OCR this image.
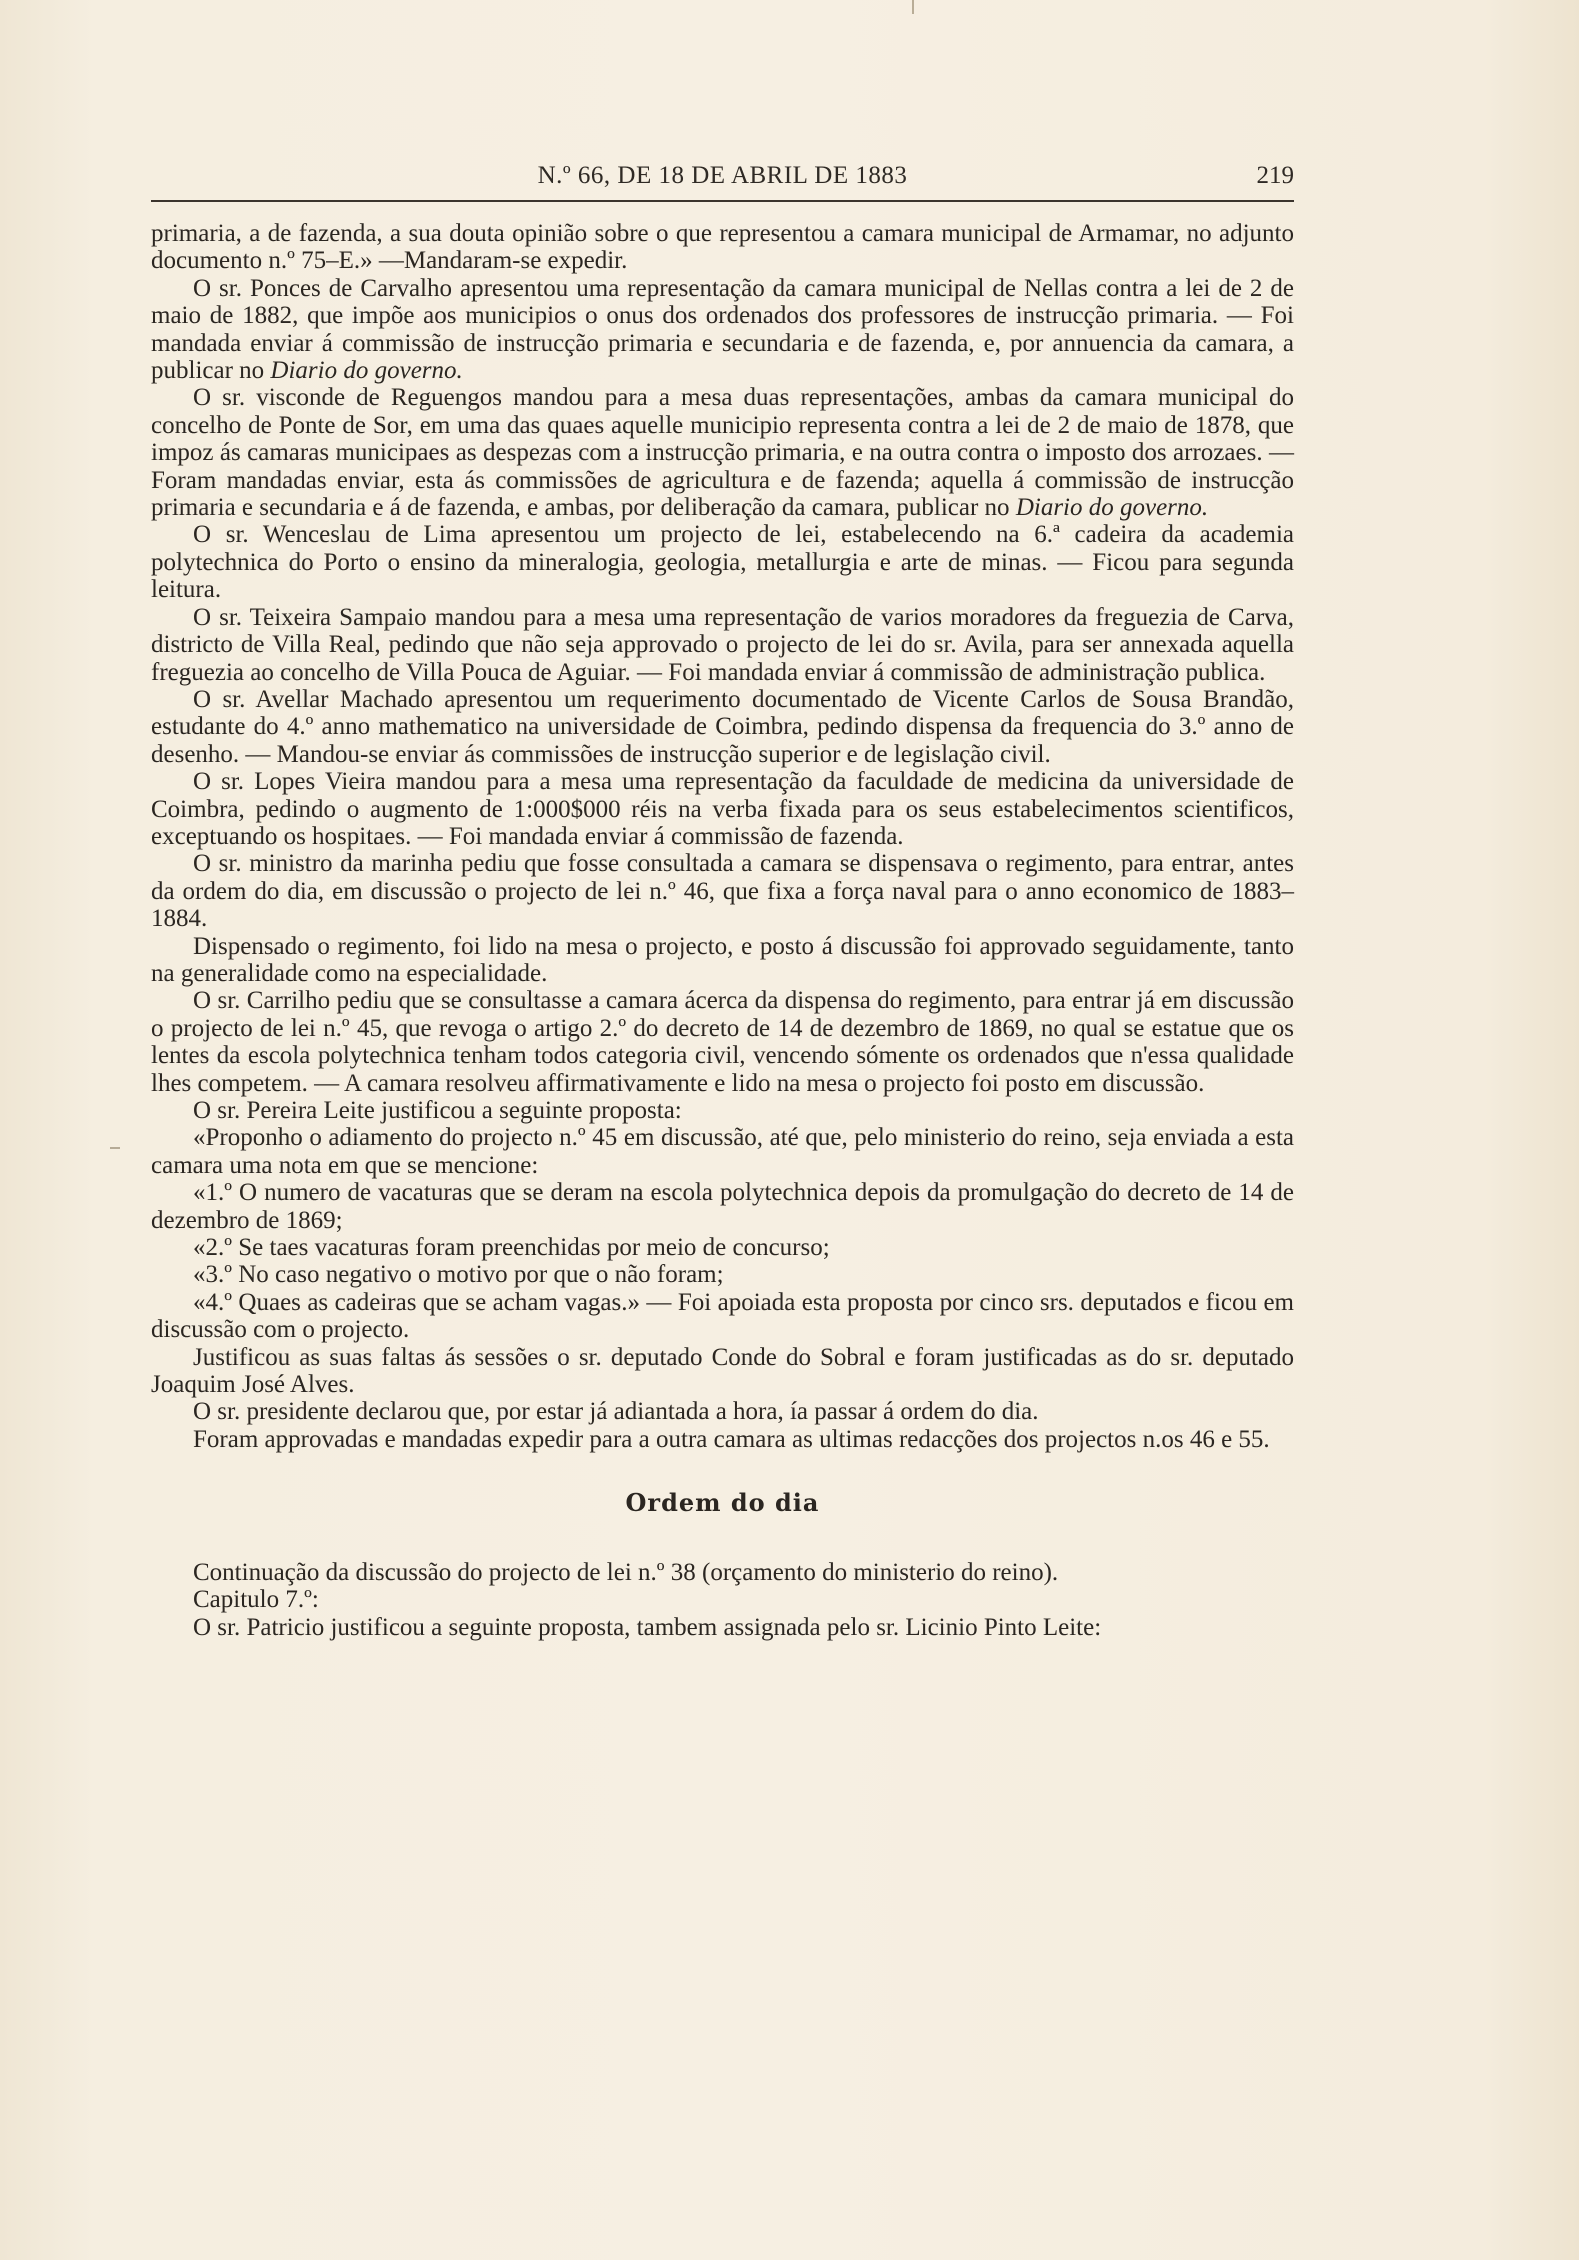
N.º 66, DE 18 DE ABRIL DE 1883	219

primaria, a de fazenda, a sua douta opinião sobre o que representou a camara municipal de Armamar, no adjunto documento n.º 75–E.» —Mandaram-se expedir.

O sr. Ponces de Carvalho apresentou uma representação da camara municipal de Nellas contra a lei de 2 de maio de 1882, que impõe aos municipios o onus dos ordenados dos professores de instrucção primaria. — Foi mandada enviar á commissão de instrucção primaria e secundaria e de fazenda, e, por annuencia da camara, a publicar no Diario do governo.

O sr. visconde de Reguengos mandou para a mesa duas representações, ambas da camara municipal do concelho de Ponte de Sor, em uma das quaes aquelle municipio representa contra a lei de 2 de maio de 1878, que impoz ás camaras municipaes as despezas com a instrucção primaria, e na outra contra o imposto dos arrozaes. — Foram mandadas enviar, esta ás commissões de agricultura e de fazenda; aquella á commissão de instrucção primaria e secundaria e á de fazenda, e ambas, por deliberação da camara, publicar no Diario do governo.

O sr. Wenceslau de Lima apresentou um projecto de lei, estabelecendo na 6.ª cadeira da academia polytechnica do Porto o ensino da mineralogia, geologia, metallurgia e arte de minas. — Ficou para segunda leitura.

O sr. Teixeira Sampaio mandou para a mesa uma representação de varios moradores da freguezia de Carva, districto de Villa Real, pedindo que não seja approvado o projecto de lei do sr. Avila, para ser annexada aquella freguezia ao concelho de Villa Pouca de Aguiar. — Foi mandada enviar á commissão de administração publica.

O sr. Avellar Machado apresentou um requerimento documentado de Vicente Carlos de Sousa Brandão, estudante do 4.º anno mathematico na universidade de Coimbra, pedindo dispensa da frequencia do 3.º anno de desenho. — Mandou-se enviar ás commissões de instrucção superior e de legislação civil.

O sr. Lopes Vieira mandou para a mesa uma representação da faculdade de medicina da universidade de Coimbra, pedindo o augmento de 1:000$000 réis na verba fixada para os seus estabelecimentos scientificos, exceptuando os hospitaes. — Foi mandada enviar á commissão de fazenda.

O sr. ministro da marinha pediu que fosse consultada a camara se dispensava o regimento, para entrar, antes da ordem do dia, em discussão o projecto de lei n.º 46, que fixa a força naval para o anno economico de 1883–1884.

Dispensado o regimento, foi lido na mesa o projecto, e posto á discussão foi approvado seguidamente, tanto na generalidade como na especialidade.

O sr. Carrilho pediu que se consultasse a camara ácerca da dispensa do regimento, para entrar já em discussão o projecto de lei n.º 45, que revoga o artigo 2.º do decreto de 14 de dezembro de 1869, no qual se estatue que os lentes da escola polytechnica tenham todos categoria civil, vencendo sómente os ordenados que n'essa qualidade lhes competem. — A camara resolveu affirmativamente e lido na mesa o projecto foi posto em discussão.

O sr. Pereira Leite justificou a seguinte proposta:

«Proponho o adiamento do projecto n.º 45 em discussão, até que, pelo ministerio do reino, seja enviada a esta camara uma nota em que se mencione:

«1.º O numero de vacaturas que se deram na escola polytechnica depois da promulgação do decreto de 14 de dezembro de 1869;

«2.º Se taes vacaturas foram preenchidas por meio de concurso;

«3.º No caso negativo o motivo por que o não foram;

«4.º Quaes as cadeiras que se acham vagas.» — Foi apoiada esta proposta por cinco srs. deputados e ficou em discussão com o projecto.

Justificou as suas faltas ás sessões o sr. deputado Conde do Sobral e foram justificadas as do sr. deputado Joaquim José Alves.

O sr. presidente declarou que, por estar já adiantada a hora, ía passar á ordem do dia.

Foram approvadas e mandadas expedir para a outra camara as ultimas redacções dos projectos n.os 46 e 55.

Ordem do dia

Continuação da discussão do projecto de lei n.º 38 (orçamento do ministerio do reino).

Capitulo 7.º:

O sr. Patricio justificou a seguinte proposta, tambem assignada pelo sr. Licinio Pinto Leite:
